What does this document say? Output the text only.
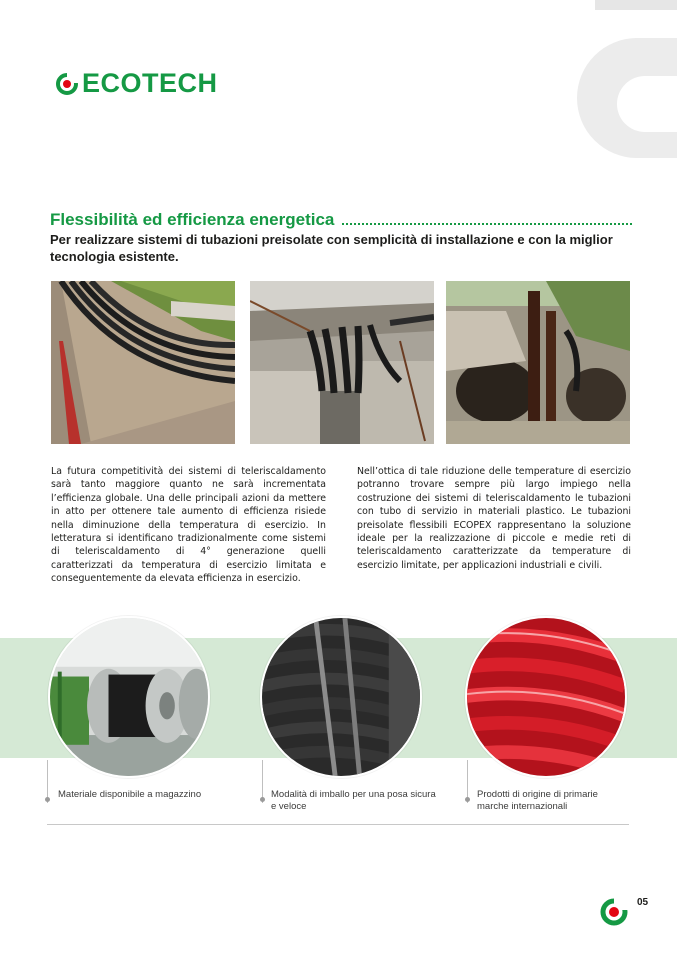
ECOTECH
Flessibilità ed efficienza energetica

Per realizzare sistemi di tubazioni preisolate con semplicità di installazione e con la miglior tecnologia esistente.

La futura competitività dei sistemi di teleriscaldamento sarà tanto maggiore quanto ne sarà incrementata l’efficienza globale. Una delle principali azioni da mettere in atto per ottenere tale aumento di efficienza risiede nella diminuzione della temperatura di esercizio. In letteratura si identificano tradizionalmente come sistemi di teleriscaldamento di 4° generazione quelli caratterizzati da temperatura di esercizio limitata e conseguentemente da elevata efficienza in esercizio.

Nell’ottica di tale riduzione delle temperature di esercizio potranno trovare sempre più largo impiego nella costruzione dei sistemi di teleriscaldamento le tubazioni con tubo di servizio in materiali plastico. Le tubazioni preisolate flessibili ECOPEX rappresentano la soluzione ideale per la realizzazione di piccole e medie reti di teleriscaldamento caratterizzate da temperature di esercizio limitate, per applicazioni industriali e civili.

Materiale disponibile a magazzino	Modalità di imballo per una posa sicura e veloce

Prodotti di origine di primarie marche internazionali

05
